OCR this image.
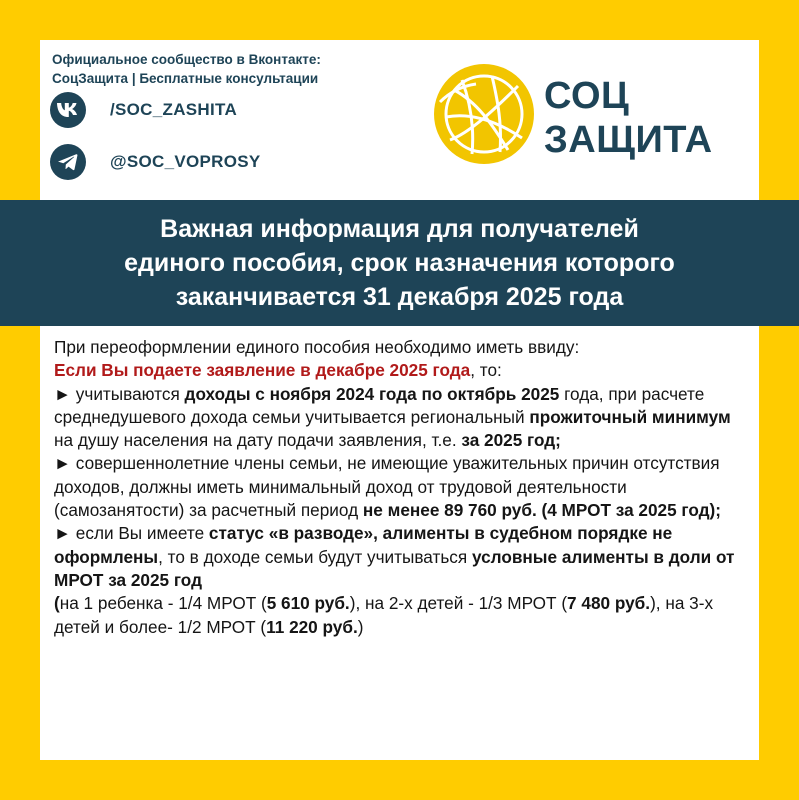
Официальное сообщество в Вконтакте:
СоцЗащита | Бесплатные консультации
/SOC_ZASHITA
@SOC_VOPROSY
СОЦ
ЗАЩИТА
Важная информация для получателей
единого пособия, срок назначения которого
заканчивается 31 декабря 2025 года

При переоформлении единого пособия необходимо иметь ввиду:

Если Вы подаете заявление в декабре 2025 года, то:

► учитываются доходы с ноября 2024 года по октябрь 2025 года, при расчете среднедушевого дохода семьи учитывается региональный прожиточный минимум на душу населения на дату подачи заявления, т.е. за 2025 год;

► совершеннолетние члены семьи, не имеющие уважительных причин отсутствия доходов, должны иметь минимальный доход от трудовой деятельности (самозанятости) за расчетный период не менее 89 760 руб. (4 МРОТ за 2025 год);

► если Вы имеете статус «в разводе», алименты в судебном порядке не оформлены, то в доходе семьи будут учитываться условные алименты в доли от МРОТ за 2025 год

(на 1 ребенка - 1/4 МРОТ (5 610 руб.), на 2-х детей - 1/3 МРОТ (7 480 руб.), на 3-х детей и более- 1/2 МРОТ (11 220 руб.)
